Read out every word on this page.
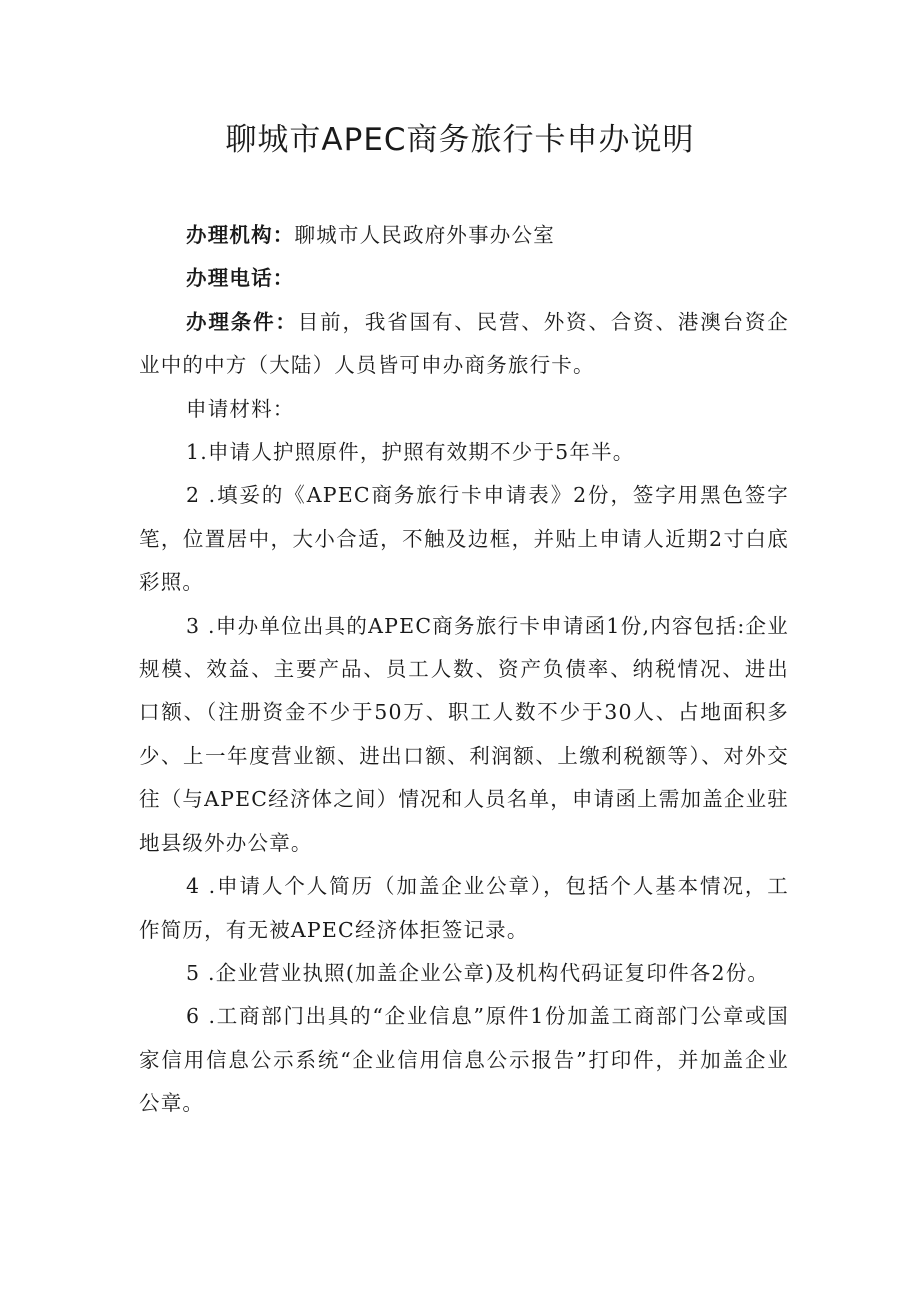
聊城市APEC商务旅行卡申办说明

办理机构：聊城市人民政府外事办公室

办理电话：

办理条件：目前，我省国有、民营、外资、合资、港澳台资企业中的中方（大陆）人员皆可申办商务旅行卡。

申请材料：

1.申请人护照原件，护照有效期不少于5年半。

2 .填妥的《APEC商务旅行卡申请表》2份，签字用黑色签字笔，位置居中，大小合适，不触及边框，并贴上申请人近期2寸白底彩照。

3 .申办单位出具的APEC商务旅行卡申请函1份,内容包括:企业规模、效益、主要产品、员工人数、资产负债率、纳税情况、进出口额、（注册资金不少于50万、职工人数不少于30人、占地面积多少、上一年度营业额、进出口额、利润额、上缴利税额等）、对外交往（与APEC经济体之间）情况和人员名单，申请函上需加盖企业驻地县级外办公章。

4 .申请人个人简历（加盖企业公章），包括个人基本情况，工作简历，有无被APEC经济体拒签记录。

5 .企业营业执照(加盖企业公章)及机构代码证复印件各2份。

6 .工商部门出具的“企业信息”原件1份加盖工商部门公章或国家信用信息公示系统“企业信用信息公示报告”打印件，并加盖企业公章。
